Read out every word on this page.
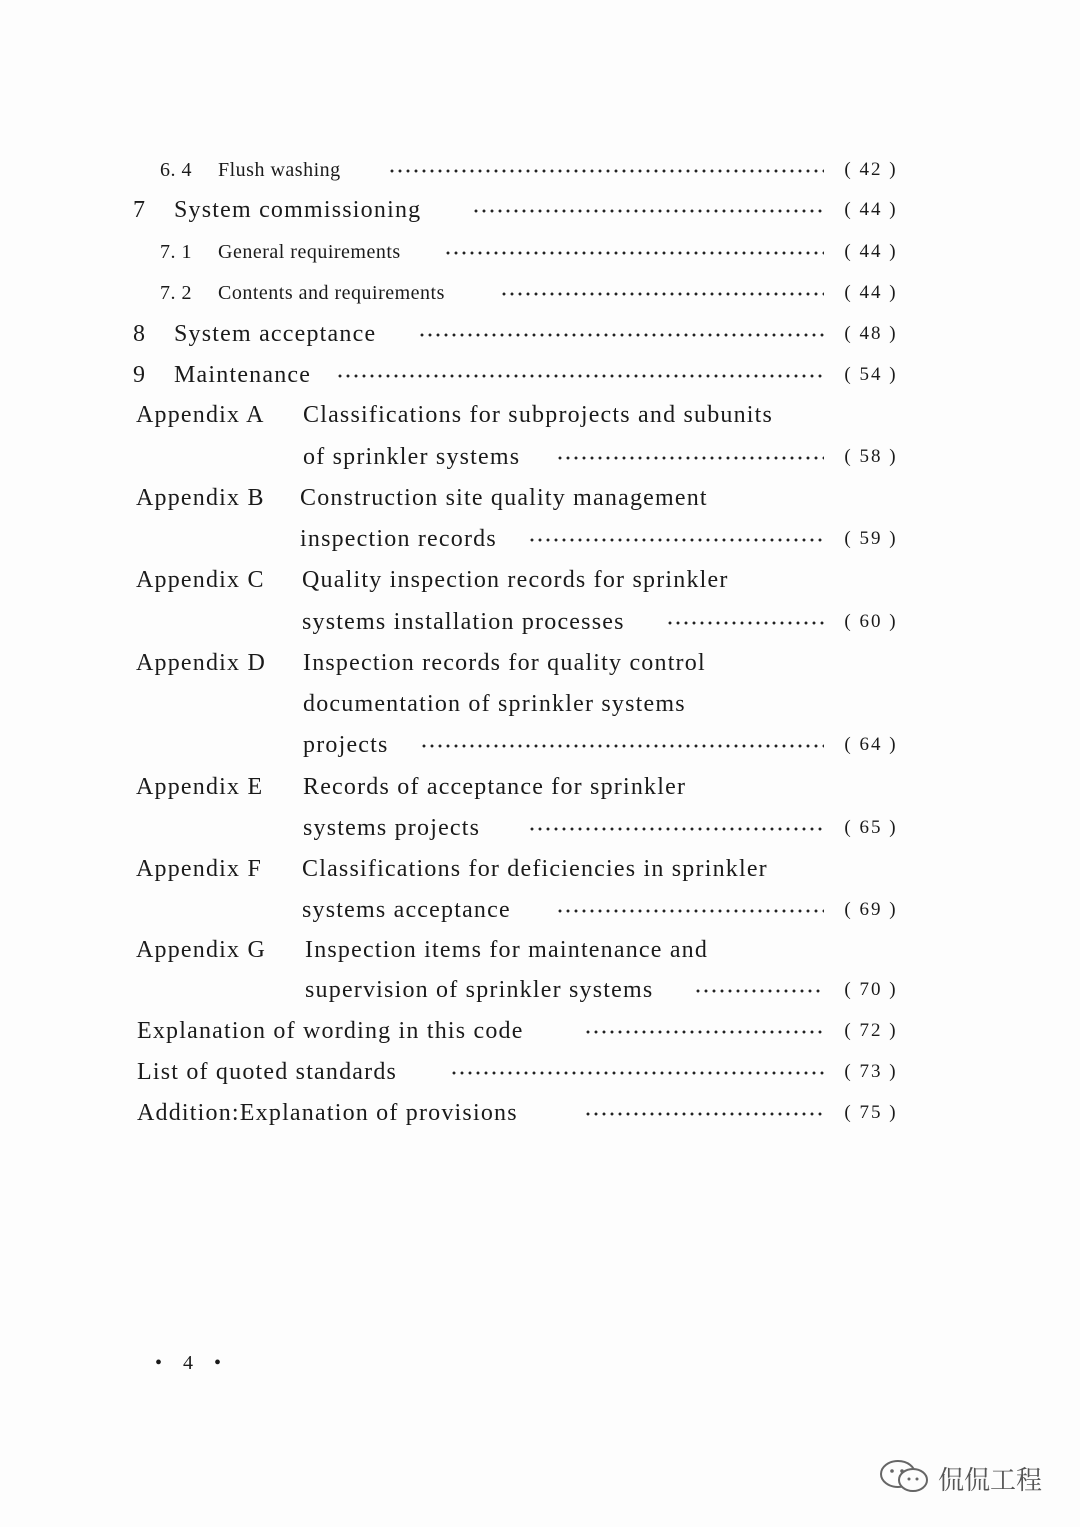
6. 4 Flush washing	( 42 )
7 System commissioning	( 44 )
7. 1 General requirements	( 44 )
7. 2 Contents and requirements	( 44 )
8 System acceptance	( 48 )
9 Maintenance	( 54 )
Appendix A Classifications for subprojects and subunits
of sprinkler systems	( 58 )
Appendix B Construction site quality management
inspection records	( 59 )
Appendix C Quality inspection records for sprinkler
systems installation processes	( 60 )
Appendix D Inspection records for quality control
documentation of sprinkler systems
projects	( 64 )
Appendix E Records of acceptance for sprinkler
systems projects	( 65 )
Appendix F Classifications for deficiencies in sprinkler
systems acceptance	( 69 )
Appendix G Inspection items for maintenance and
supervision of sprinkler systems	( 70 )
Explanation of wording in this code	( 72 )
List of quoted standards	( 73 )
Addition:Explanation of provisions	( 75 )
• 4 •
侃侃工程
